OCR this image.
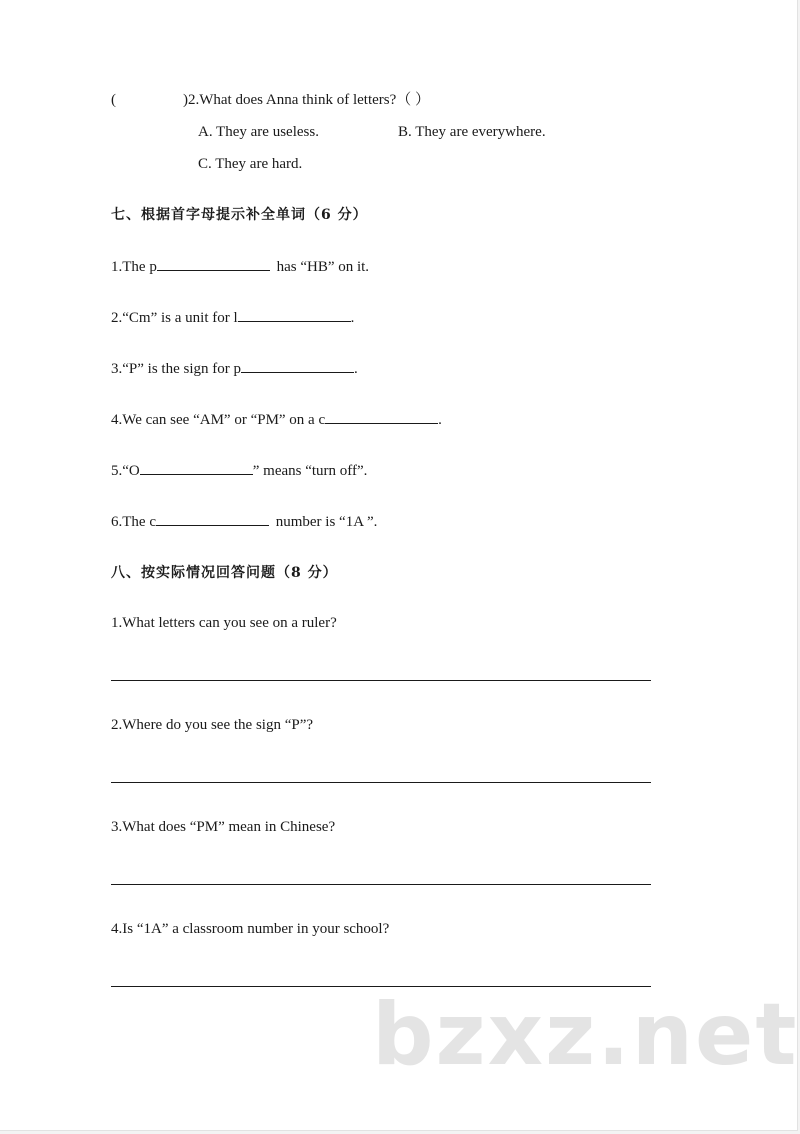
(	)2.What does Anna think of letters?（ ）
A. They are useless.	B. They are everywhere.
C. They are hard.
七、根据首字母提示补全单词（6 分）
1.The p	has “HB” on it.
2.“Cm” is a unit for l	.
3.“P” is the sign for p	.
4.We can see “AM” or “PM” on a c	.
5.“O	” means “turn off”.
6.The c	number is “1A ”.
八、按实际情况回答问题（8 分）
1.What letters can you see on a ruler?
2.Where do you see the sign “P”?
3.What does “PM” mean in Chinese?
4.Is “1A” a classroom number in your school?
bzxz.net
